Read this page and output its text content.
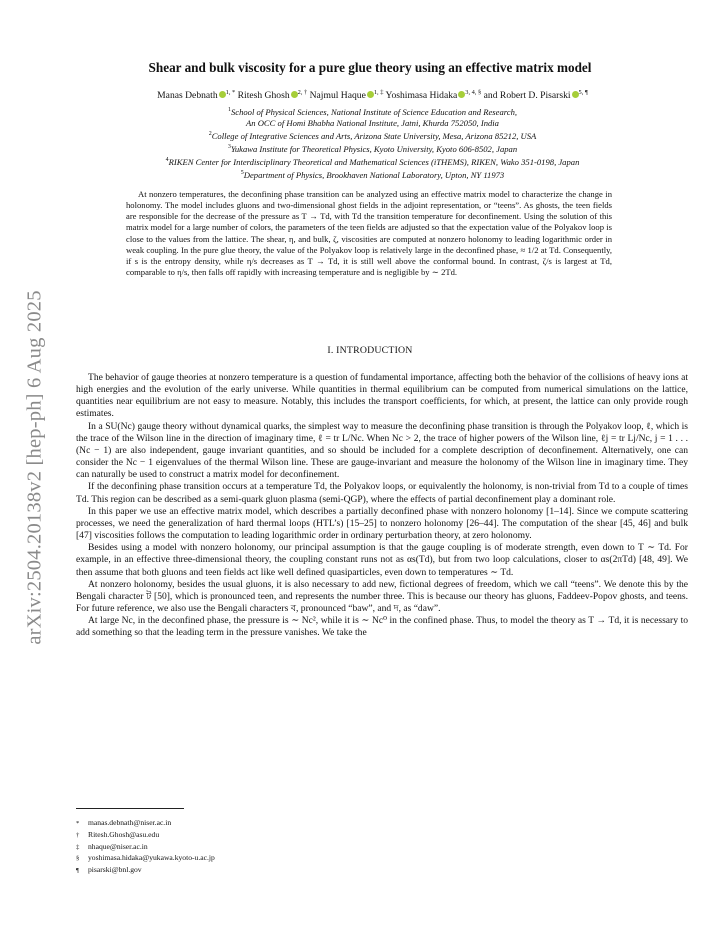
arXiv:2504.20138v2 [hep-ph] 6 Aug 2025
Shear and bulk viscosity for a pure glue theory using an effective matrix model
Manas Debnath $^{1, *}$ Ritesh Ghosh $^{2, \dagger}$ Najmul Haque $^{1, \ddagger}$ Yoshimasa Hidaka $^{3, 4, \S}$ and Robert D. Pisarski $^{5, \P}$
$^1$School of Physical Sciences, National Institute of Science Education and Research,
An OCC of Homi Bhabha National Institute, Jatni, Khurda 752050, India
$^2$College of Integrative Sciences and Arts, Arizona State University, Mesa, Arizona 85212, USA
$^3$Yukawa Institute for Theoretical Physics, Kyoto University, Kyoto 606-8502, Japan
$^4$RIKEN Center for Interdisciplinary Theoretical and Mathematical Sciences (iTHEMS), RIKEN, Wako 351-0198, Japan
$^5$Department of Physics, Brookhaven National Laboratory, Upton, NY 11973
At nonzero temperatures, the deconfining phase transition can be analyzed using an effective matrix model to characterize the change in holonomy. The model includes gluons and two-dimensional ghost fields in the adjoint representation, or “teens”. As ghosts, the teen fields are responsible for the decrease of the pressure as T → Td, with Td the transition temperature for deconfinement. Using the solution of this matrix model for a large number of colors, the parameters of the teen fields are adjusted so that the expectation value of the Polyakov loop is close to the values from the lattice. The shear, η, and bulk, ζ, viscosities are computed at nonzero holonomy to leading logarithmic order in weak coupling. In the pure glue theory, the value of the Polyakov loop is relatively large in the deconfined phase, ≈ 1/2 at Td. Consequently, if s is the entropy density, while η/s decreases as T → Td, it is still well above the conformal bound. In contrast, ζ/s is largest at Td, comparable to η/s, then falls off rapidly with increasing temperature and is negligible by ∼ 2Td.
I. INTRODUCTION

The behavior of gauge theories at nonzero temperature is a question of fundamental importance, affecting both the behavior of the collisions of heavy ions at high energies and the evolution of the early universe. While quantities in thermal equilibrium can be computed from numerical simulations on the lattice, quantities near equilibrium are not easy to measure. Notably, this includes the transport coefficients, for which, at present, the lattice can only provide rough estimates.

In a SU(Nc) gauge theory without dynamical quarks, the simplest way to measure the deconfining phase transition is through the Polyakov loop, ℓ, which is the trace of the Wilson line in the direction of imaginary time, ℓ = tr L/Nc. When Nc > 2, the trace of higher powers of the Wilson line, ℓj = tr Lj/Nc, j = 1 . . . (Nc − 1) are also independent, gauge invariant quantities, and so should be included for a complete description of deconfinement. Alternatively, one can consider the Nc − 1 eigenvalues of the thermal Wilson line. These are gauge-invariant and measure the holonomy of the Wilson line in imaginary time. They can naturally be used to construct a matrix model for deconfinement.

If the deconfining phase transition occurs at a temperature Td, the Polyakov loops, or equivalently the holonomy, is non-trivial from Td to a couple of times Td. This region can be described as a semi-quark gluon plasma (semi-QGP), where the effects of partial deconfinement play a dominant role.

In this paper we use an effective matrix model, which describes a partially deconfined phase with nonzero holonomy [1–14]. Since we compute scattering processes, we need the generalization of hard thermal loops (HTL’s) [15–25] to nonzero holonomy [26–44]. The computation of the shear [45, 46] and bulk [47] viscosities follows the computation to leading logarithmic order in ordinary perturbation theory, at zero holonomy.

Besides using a model with nonzero holonomy, our principal assumption is that the gauge coupling is of moderate strength, even down to T ∼ Td. For example, in an effective three-dimensional theory, the coupling constant runs not as αs(Td), but from two loop calculations, closer to αs(2πTd) [48, 49]. We then assume that both gluons and teen fields act like well defined quasiparticles, even down to temperatures ∼ Td.

At nonzero holonomy, besides the usual gluons, it is also necessary to add new, fictional degrees of freedom, which we call “teens”. We denote this by the Bengali character ট [50], which is pronounced teen, and represents the number three. This is because our theory has gluons, Faddeev-Popov ghosts, and teens. For future reference, we also use the Bengali characters ব, pronounced “baw”, and দ, as “daw”.

At large Nc, in the deconfined phase, the pressure is ∼ Nc², while it is ∼ Nc⁰ in the confined phase. Thus, to model the theory as T → Td, it is necessary to add something so that the leading term in the pressure vanishes. We take the

* manas.debnath@niser.ac.in
† Ritesh.Ghosh@asu.edu
‡ nhaque@niser.ac.in
§ yoshimasa.hidaka@yukawa.kyoto-u.ac.jp
¶ pisarski@bnl.gov
